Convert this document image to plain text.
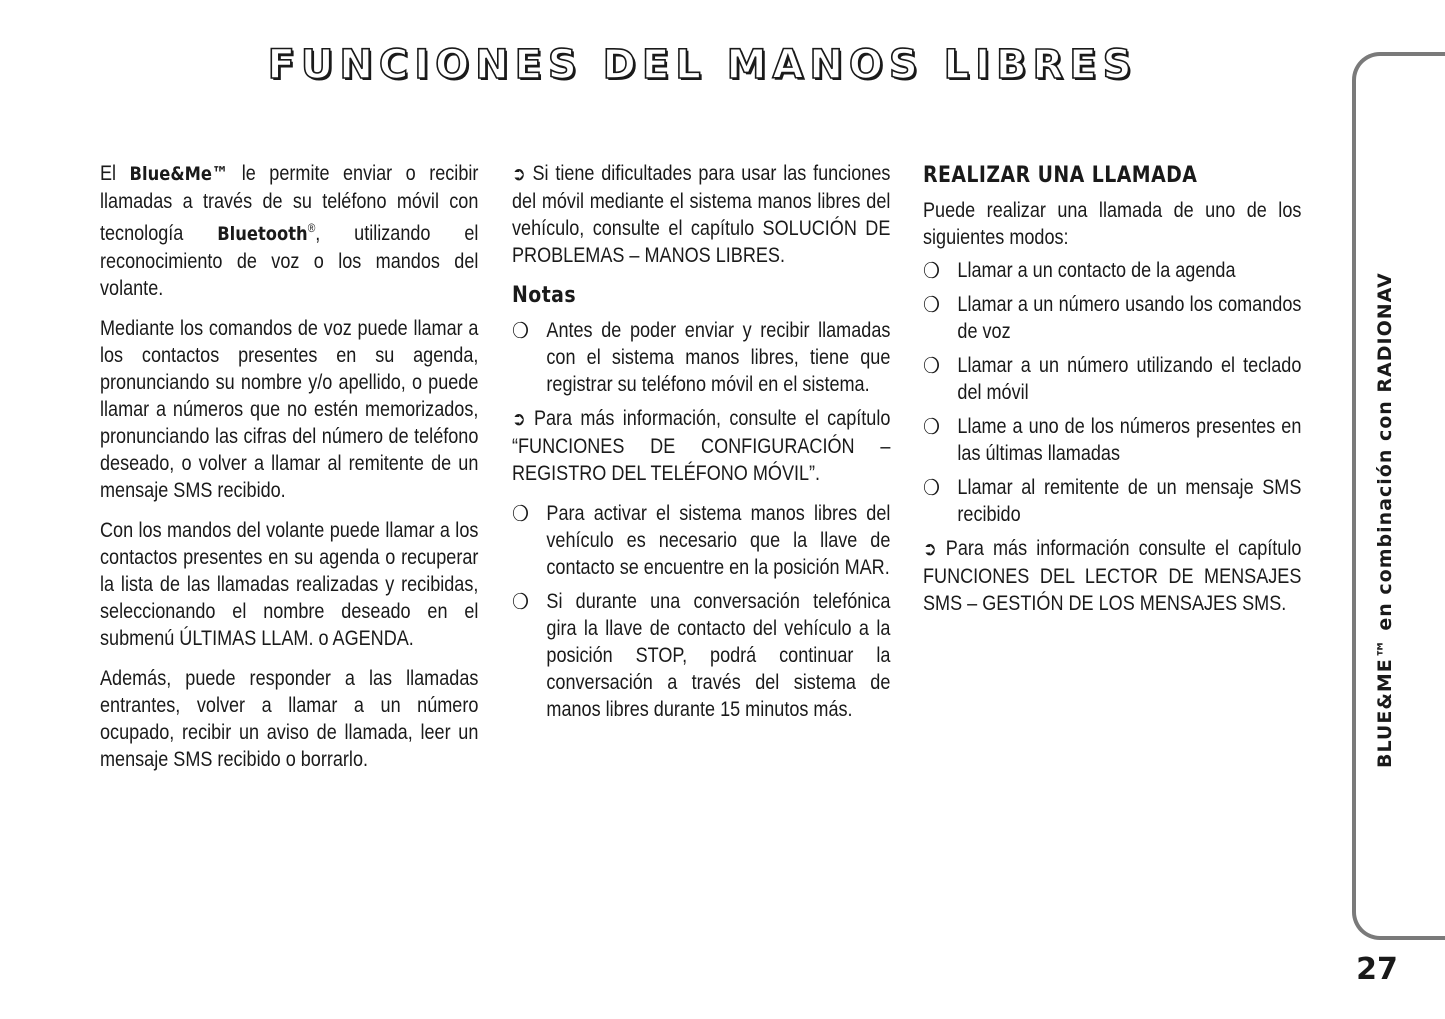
FUNCIONES DEL MANOS LIBRES

El Blue&Me™ le permite enviar o recibir llamadas a través de su teléfono móvil con tecnología Bluetooth®, utilizando el reconocimiento de voz o los mandos del volante.

Mediante los comandos de voz puede llamar a los contactos presentes en su agenda, pronunciando su nombre y/o apellido, o puede llamar a números que no estén memorizados, pronunciando las cifras del número de teléfono deseado, o volver a llamar al remitente de un mensaje SMS recibido.

Con los mandos del volante puede llamar a los contactos presentes en su agenda o recuperar la lista de las llamadas realizadas y recibidas, seleccionando el nombre deseado en el submenú ÚLTIMAS LLAM. o AGENDA.

Además, puede responder a las llamadas entrantes, volver a llamar a un número ocupado, recibir un aviso de llamada, leer un mensaje SMS recibido o borrarlo.

➲ Si tiene dificultades para usar las funciones del móvil mediante el sistema manos libres del vehículo, consulte el capítulo SOLUCIÓN DE PROBLEMAS – MANOS LIBRES.

Notas
❍ Antes de poder enviar y recibir llamadas con el sistema manos libres, tiene que registrar su teléfono móvil en el sistema.

➲ Para más información, consulte el capítulo “FUNCIONES DE CONFIGURACIÓN – REGISTRO DEL TELÉFONO MÓVIL”.

❍ Para activar el sistema manos libres del vehículo es necesario que la llave de contacto se encuentre en la posición MAR.
❍ Si durante una conversación telefónica gira la llave de contacto del vehículo a la posición STOP, podrá continuar la conversación a través del sistema de manos libres durante 15 minutos más.
REALIZAR UNA LLAMADA

Puede realizar una llamada de uno de los siguientes modos:

❍ Llamar a un contacto de la agenda
❍ Llamar a un número usando los comandos de voz
❍ Llamar a un número utilizando el teclado del móvil
❍ Llame a uno de los números presentes en las últimas llamadas
❍ Llamar al remitente de un mensaje SMS recibido

➲ Para más información consulte el capítulo FUNCIONES DEL LECTOR DE MENSAJES SMS – GESTIÓN DE LOS MENSAJES SMS.	BLUE&ME™ en combinación con RADIONAV
27
